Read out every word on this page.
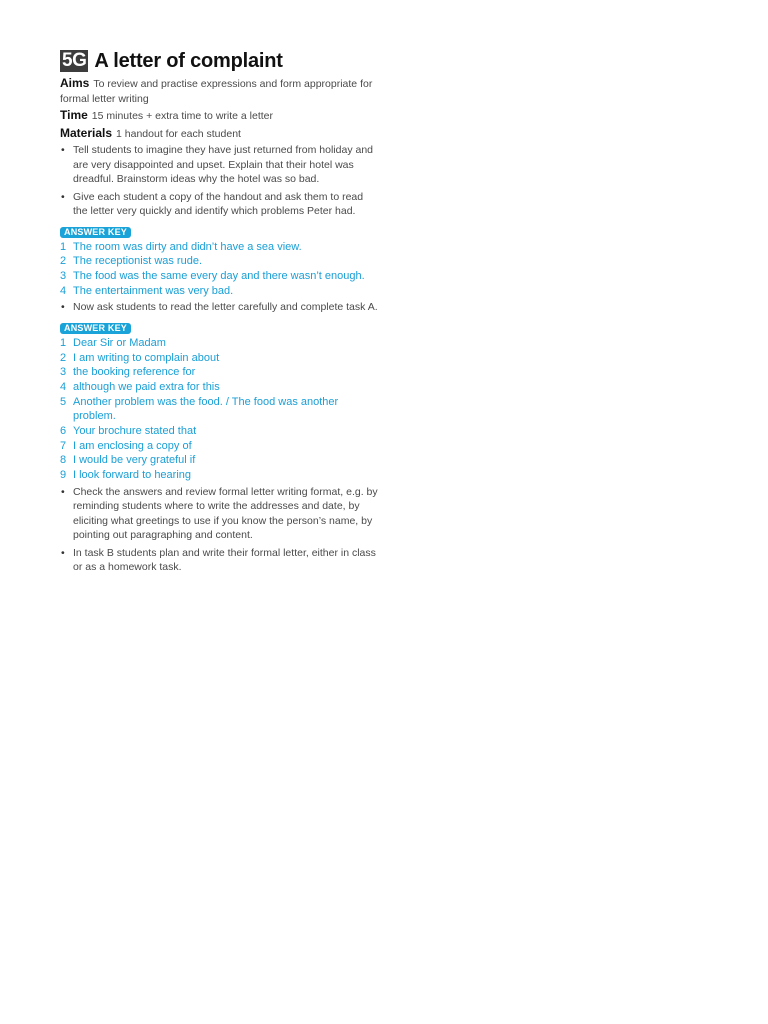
5G A letter of complaint

Aims To review and practise expressions and form appropriate for formal letter writing

Time 15 minutes + extra time to write a letter

Materials 1 handout for each student

• Tell students to imagine they have just returned from holiday and are very disappointed and upset. Explain that their hotel was dreadful. Brainstorm ideas why the hotel was so bad.
• Give each student a copy of the handout and ask them to read the letter very quickly and identify which problems Peter had.
ANSWER KEY
1 The room was dirty and didn’t have a sea view.
2 The receptionist was rude.
3 The food was the same every day and there wasn’t enough.
4 The entertainment was very bad.
• Now ask students to read the letter carefully and complete task A.
ANSWER KEY
1 Dear Sir or Madam
2 I am writing to complain about
3 the booking reference for
4 although we paid extra for this
5 Another problem was the food. / The food was another problem.
6 Your brochure stated that
7 I am enclosing a copy of
8 I would be very grateful if
9 I look forward to hearing
• Check the answers and review formal letter writing format, e.g. by reminding students where to write the addresses and date, by eliciting what greetings to use if you know the person’s name, by pointing out paragraphing and content.
• In task B students plan and write their formal letter, either in class or as a homework task.
